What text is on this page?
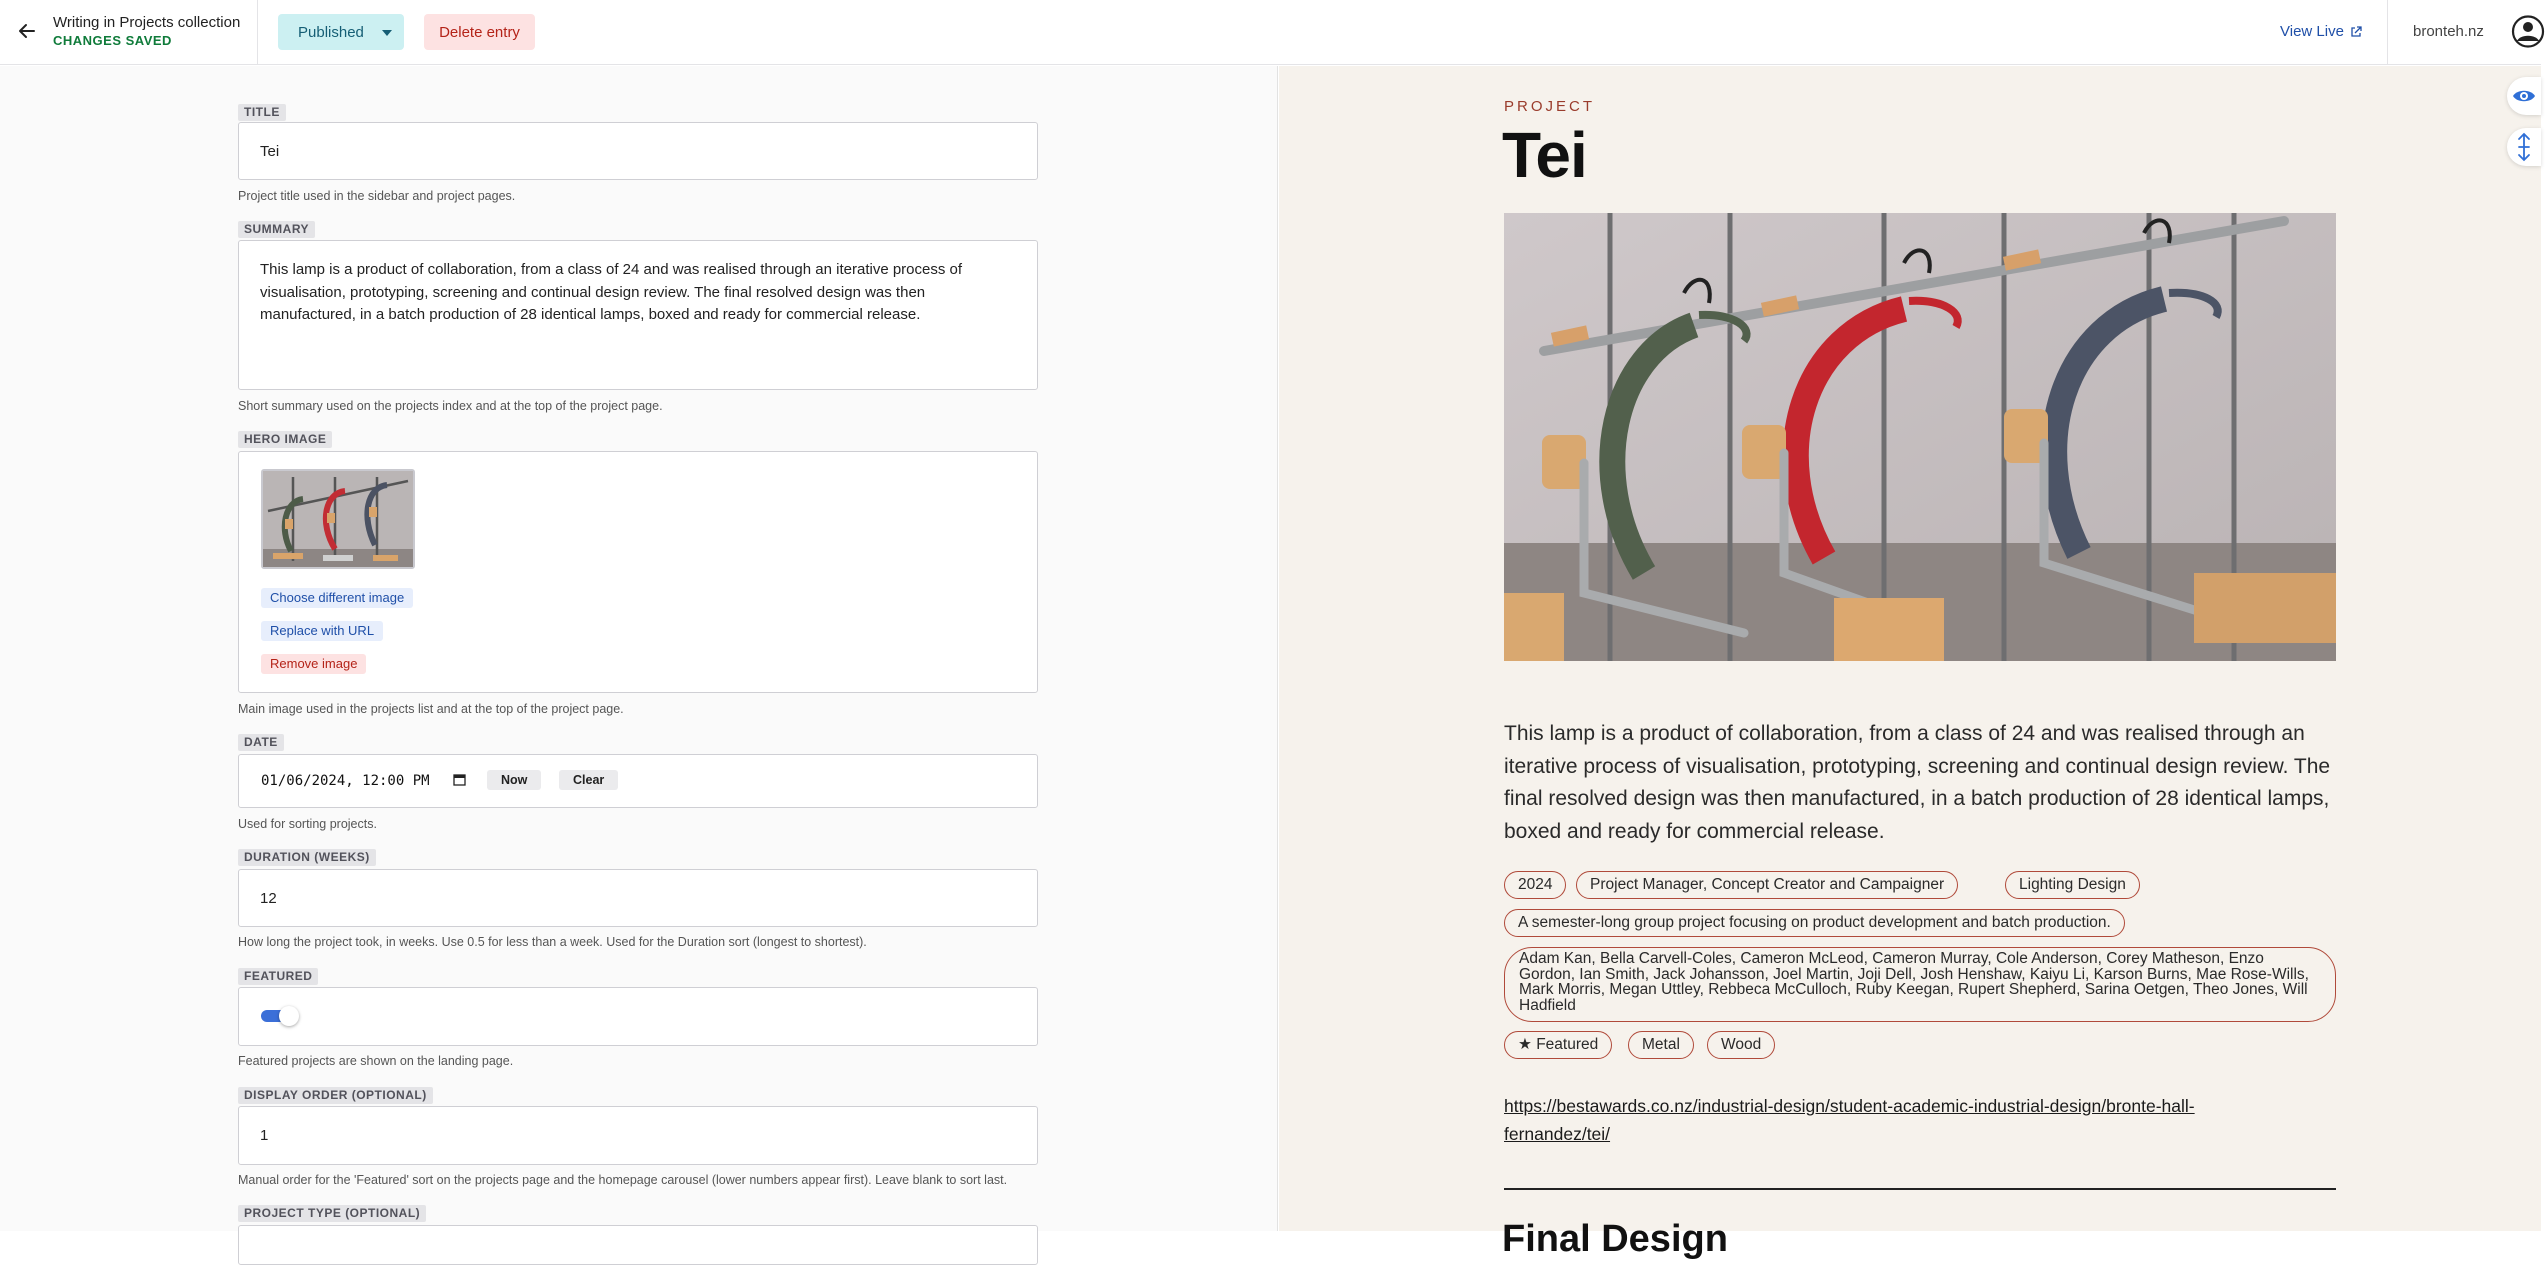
Writing in Projects collection
CHANGES SAVED	Published	Delete entry	View Live	bronteh.nz
TITLE
Tei
Project title used in the sidebar and project pages.
SUMMARY
This lamp is a product of collaboration, from a class of 24 and was realised through an iterative process of visualisation, prototyping, screening and continual design review. The final resolved design was then manufactured, in a batch production of 28 identical lamps, boxed and ready for commercial release.
Short summary used on the projects index and at the top of the project page.
HERO IMAGE
Choose different image
Replace with URL
Remove image
Main image used in the projects list and at the top of the project page.
DATE
01/06/2024, 12:00 PM	Now	Clear
Used for sorting projects.
DURATION (WEEKS)
12
How long the project took, in weeks. Use 0.5 for less than a week. Used for the Duration sort (longest to shortest).
FEATURED
Featured projects are shown on the landing page.
DISPLAY ORDER (OPTIONAL)
1
Manual order for the 'Featured' sort on the projects page and the homepage carousel (lower numbers appear first). Leave blank to sort last.
PROJECT TYPE (OPTIONAL)
PROJECT
Tei
This lamp is a product of collaboration, from a class of 24 and was realised through an iterative process of visualisation, prototyping, screening and continual design review. The final resolved design was then manufactured, in a batch production of 28 identical lamps, boxed and ready for commercial release.
2024	Project Manager, Concept Creator and Campaigner	Lighting Design
A semester-long group project focusing on product development and batch production.
Adam Kan, Bella Carvell-Coles, Cameron McLeod, Cameron Murray, Cole Anderson, Corey Matheson, Enzo Gordon, Ian Smith, Jack Johansson, Joel Martin, Joji Dell, Josh Henshaw, Kaiyu Li, Karson Burns, Mae Rose-Wills, Mark Morris, Megan Uttley, Rebbeca McCulloch, Ruby Keegan, Rupert Shepherd, Sarina Oetgen, Theo Jones, Will Hadfield
★ Featured	Metal	Wood
https://bestawards.co.nz/industrial-design/student-academic-industrial-design/bronte-hall-fernandez/tei/
Final Design
